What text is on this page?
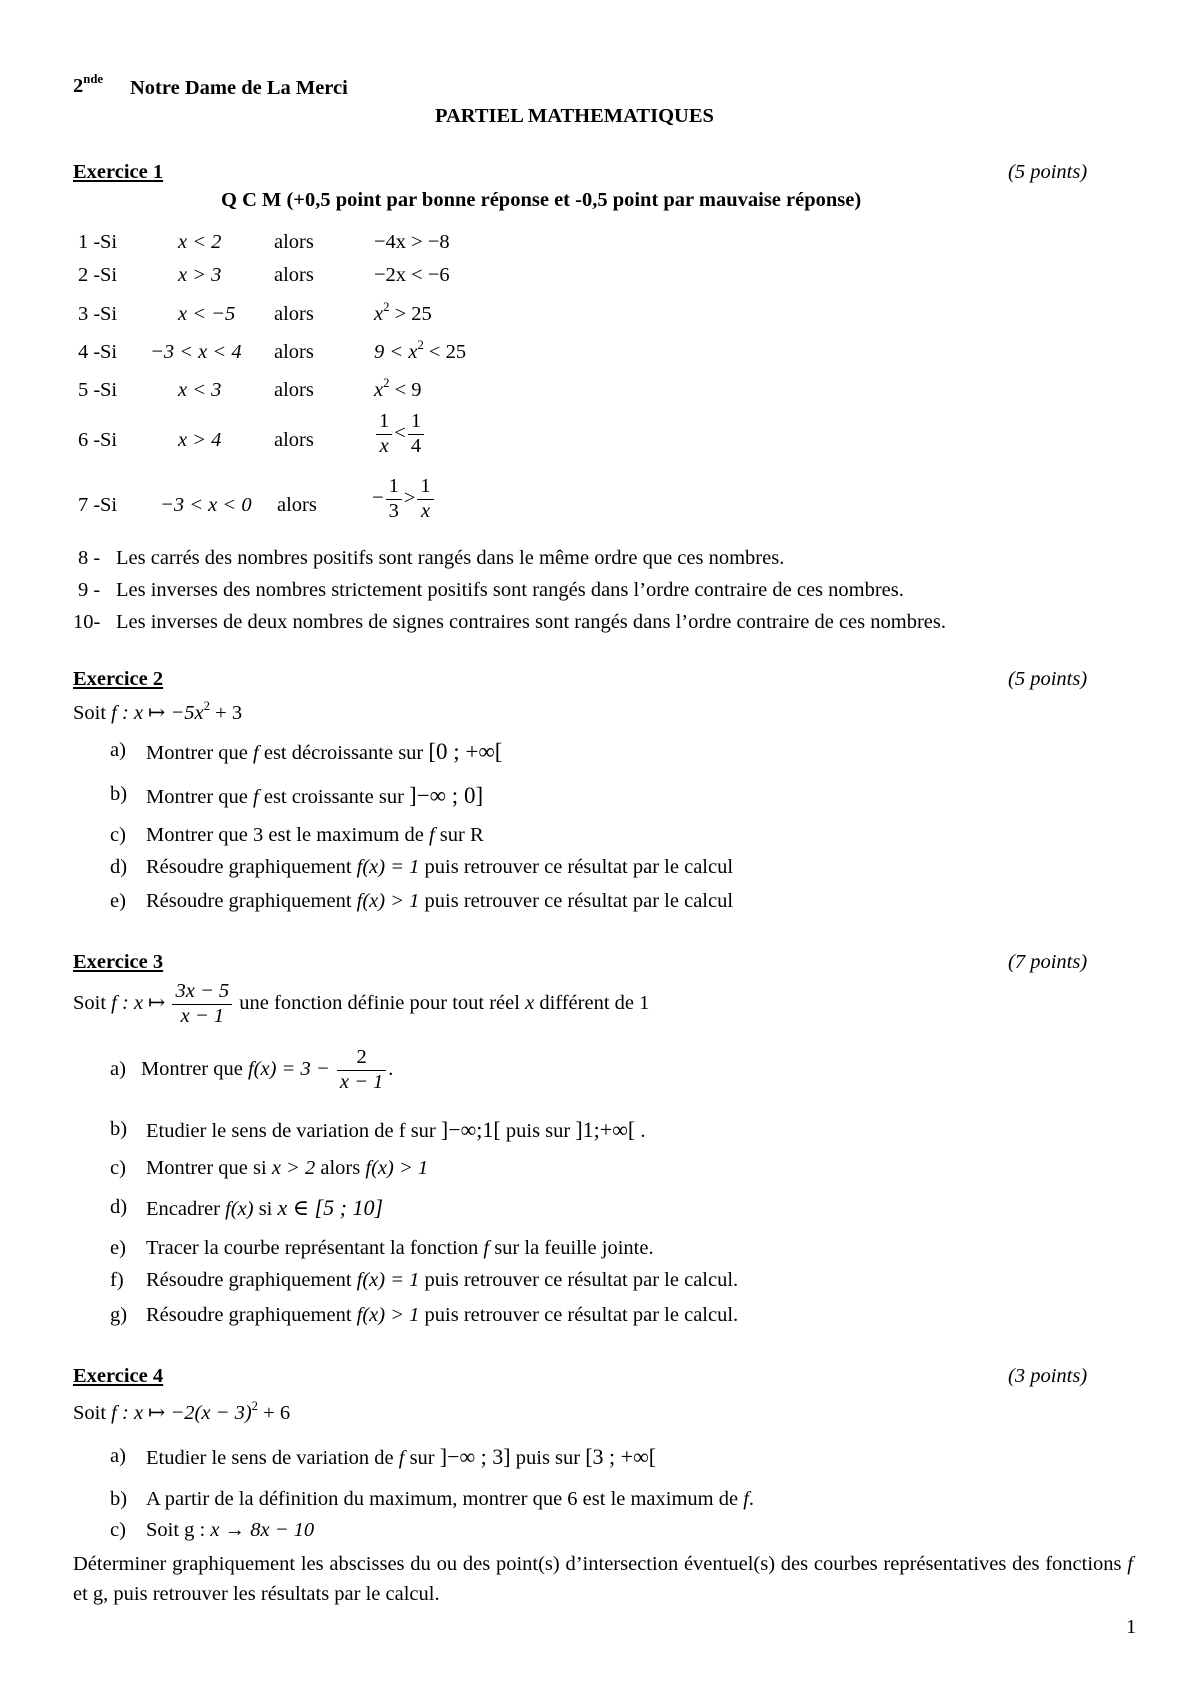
2nde Notre Dame de La Merci
PARTIEL MATHEMATIQUES
Exercice 1	(5 points)
Q C M (+0,5 point par bonne réponse et -0,5 point par mauvaise réponse)
1 - Si	x < 2	alors	−4x > −8
2 - Si	x > 3	alors	−2x < −6
3 - Si	x < −5 alors	$x^2 > 25$
4 - Si −3 < x < 4 alors	$9 < x^2 < 25$
5 - Si	x < 3	alors	$x^2 < 9$
6 - Si	x > 4	alors	$\frac{1}{x} < \frac{1}{4}$
7 - Si −3 < x < 0 alors	− $\frac{1}{3} > \frac{1}{x}$
8 - Les carrés des nombres positifs sont rangés dans le même ordre que ces nombres.
9 - Les inverses des nombres strictement positifs sont rangés dans l’ordre contraire de ces nombres.
10- Les inverses de deux nombres de signes contraires sont rangés dans l’ordre contraire de ces nombres.
Exercice 2	(5 points)
Soit f : x ↦ $-5x^2 + 3$
a) Montrer que f est décroissante sur [0 ; +∞[
b) Montrer que f est croissante sur ]−∞ ; 0]
c) Montrer que 3 est le maximum de f sur R
d) Résoudre graphiquement f(x) = 1 puis retrouver ce résultat par le calcul
e) Résoudre graphiquement f(x) > 1 puis retrouver ce résultat par le calcul
Exercice 3	(7 points)
Soit f : x ↦ $\frac{3x - 5}{x - 1}$ une fonction définie pour tout réel x différent de 1
a) Montrer que $f(x) = 3 - \frac{2}{x - 1}$ .
b) Etudier le sens de variation de f sur ]−∞;1[ puis sur ]1;+∞[ .
c) Montrer que si x > 2 alors f(x) > 1
d) Encadrer f(x) si x ∈ [5 ; 10]
e) Tracer la courbe représentant la fonction f sur la feuille jointe.
f) Résoudre graphiquement f(x) = 1 puis retrouver ce résultat par le calcul.
g) Résoudre graphiquement f(x) > 1 puis retrouver ce résultat par le calcul.
Exercice 4	(3 points)
Soit f : x ↦ $-2(x - 3)^2 + 6$
a) Etudier le sens de variation de f sur ]−∞ ; 3] puis sur [3 ; +∞[
b) A partir de la définition du maximum, montrer que 6 est le maximum de f.
c) Soit g : x → 8x − 10
Déterminer graphiquement les abscisses du ou des point(s) d’intersection éventuel(s) des courbes représentatives des fonctions f et g, puis retrouver les résultats par le calcul.
1
